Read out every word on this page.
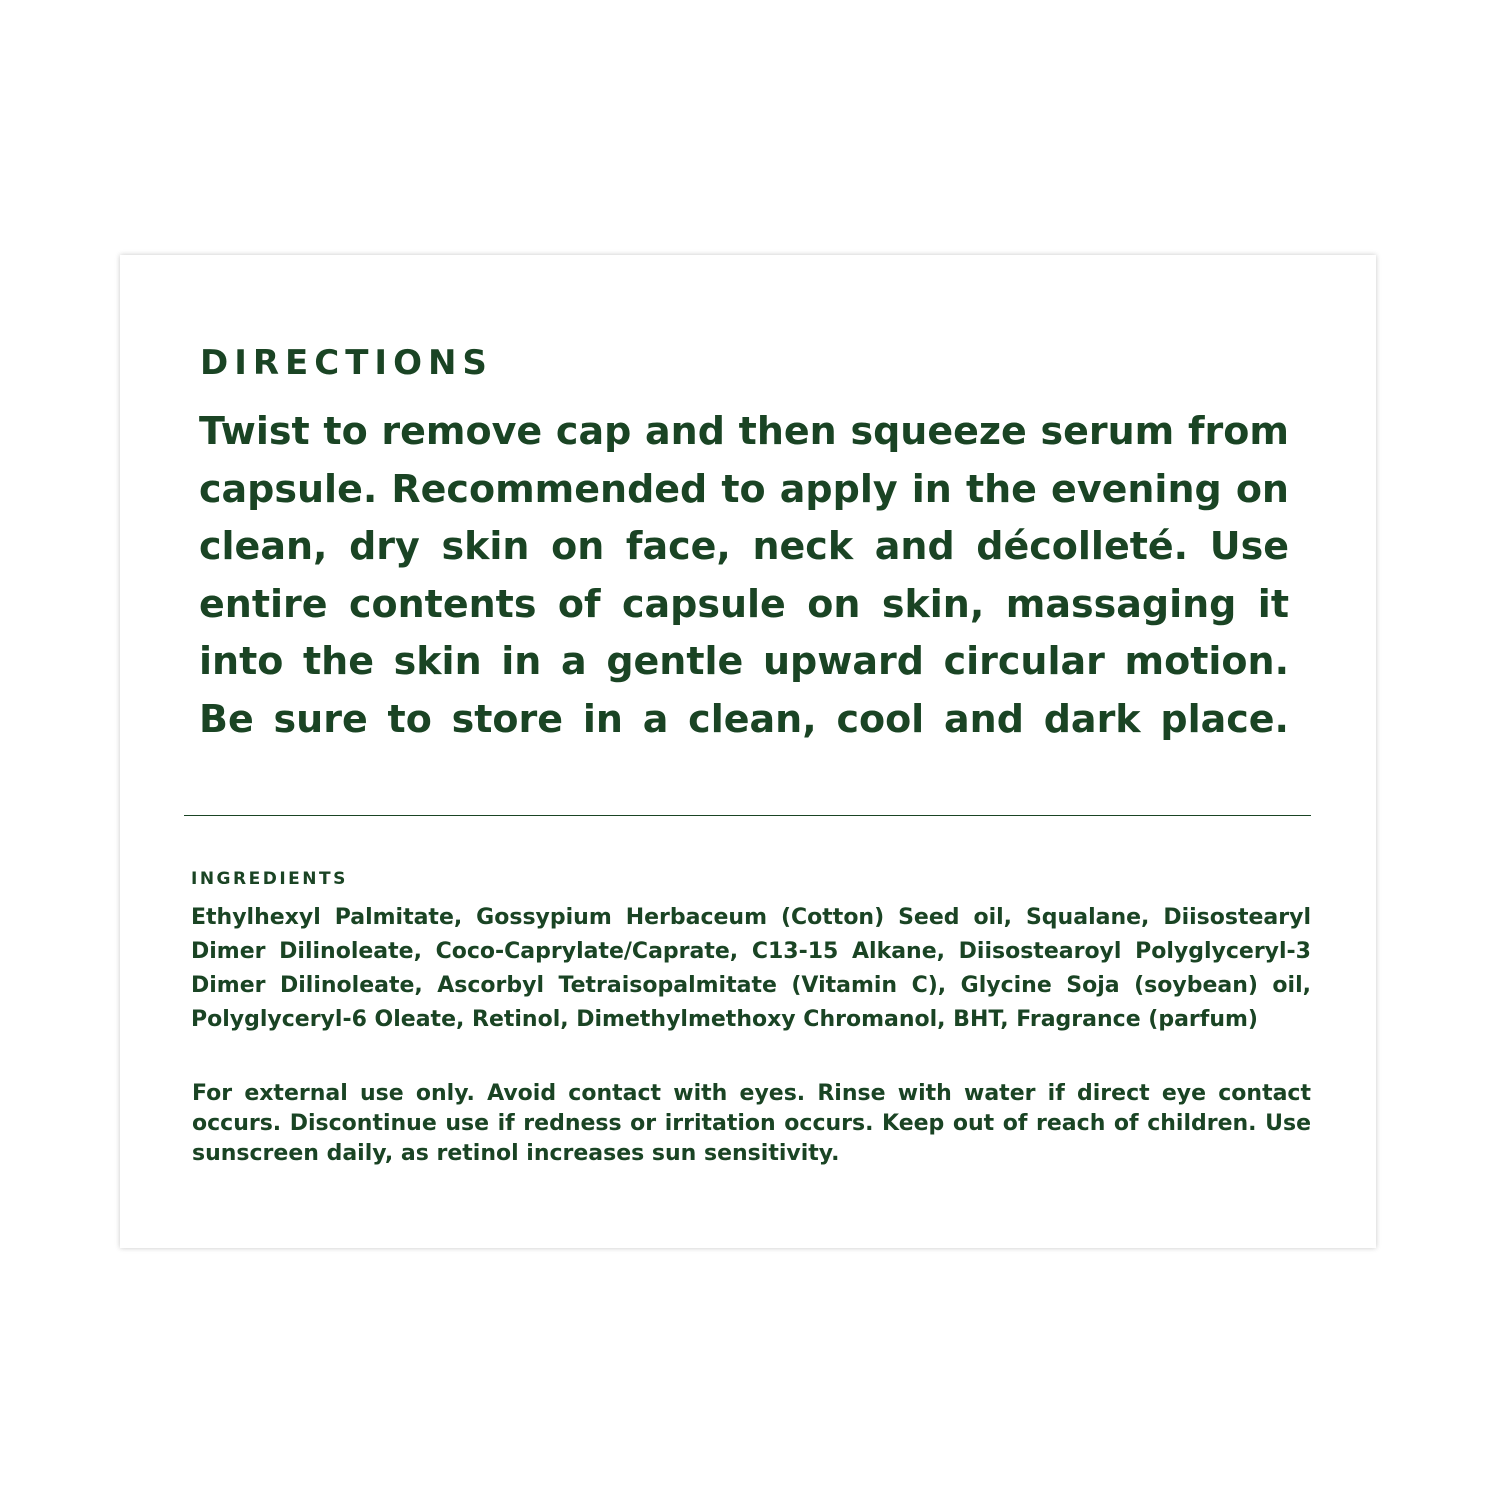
DIRECTIONS

Twist to remove cap and then squeeze serum from capsule. Recommended to apply in the evening on clean, dry skin on face, neck and décolleté. Use entire contents of capsule on skin, massaging it into the skin in a gentle upward circular motion. Be sure to store in a clean, cool and dark place.

INGREDIENTS

Ethylhexyl Palmitate, Gossypium Herbaceum (Cotton) Seed oil, Squalane, Diisostearyl Dimer Dilinoleate, Coco-Caprylate/Caprate, C13-15 Alkane, Diisostearoyl Polyglyceryl-3 Dimer Dilinoleate, Ascorbyl Tetraisopalmitate (Vitamin C), Glycine Soja (soybean) oil, Polyglyceryl-6 Oleate, Retinol, Dimethylmethoxy Chromanol, BHT, Fragrance (parfum)

For external use only. Avoid contact with eyes. Rinse with water if direct eye contact occurs. Discontinue use if redness or irritation occurs. Keep out of reach of children. Use sunscreen daily, as retinol increases sun sensitivity.
